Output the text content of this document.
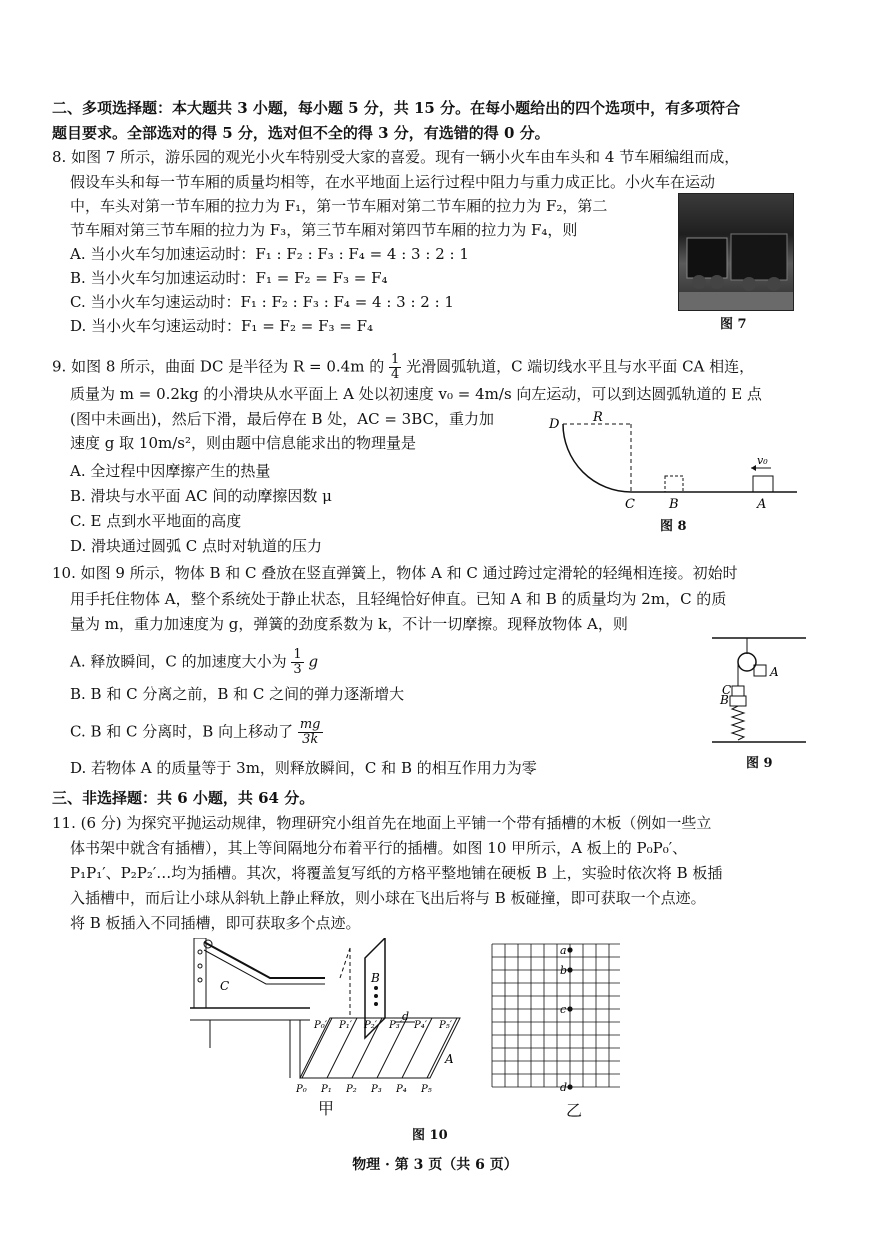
二、多项选择题：本大题共 3 小题，每小题 5 分，共 15 分。在每小题给出的四个选项中，有多项符合
题目要求。全部选对的得 5 分，选对但不全的得 3 分，有选错的得 0 分。
8. 如图 7 所示，游乐园的观光小火车特别受大家的喜爱。现有一辆小火车由车头和 4 节车厢编组而成，
假设车头和每一节车厢的质量均相等，在水平地面上运行过程中阻力与重力成正比。小火车在运动
中，车头对第一节车厢的拉力为 F₁，第一节车厢对第二节车厢的拉力为 F₂，第二
节车厢对第三节车厢的拉力为 F₃，第三节车厢对第四节车厢的拉力为 F₄，则
A. 当小火车匀加速运动时：F₁ : F₂ : F₃ : F₄ = 4 : 3 : 2 : 1
B. 当小火车匀加速运动时：F₁ = F₂ = F₃ = F₄
C. 当小火车匀速运动时：F₁ : F₂ : F₃ : F₄ = 4 : 3 : 2 : 1
D. 当小火车匀速运动时：F₁ = F₂ = F₃ = F₄	图 7
9. 如图 8 所示，曲面 DC 是半径为 R = 0.4m 的 $\frac{1}{4}$ 光滑圆弧轨道，C 端切线水平且与水平面 CA 相连，
质量为 m = 0.2kg 的小滑块从水平面上 A 处以初速度 v₀ = 4m/s 向左运动，可以到达圆弧轨道的 E 点
(图中未画出)，然后下滑，最后停在 B 处，AC = 3BC，重力加
速度 g 取 10m/s²，则由题中信息能求出的物理量是
A. 全过程中因摩擦产生的热量
B. 滑块与水平面 AC 间的动摩擦因数 μ
C. E 点到水平地面的高度
D. 滑块通过圆弧 C 点时对轨道的压力
D	R
C	B	A
v₀
图 8
10. 如图 9 所示，物体 B 和 C 叠放在竖直弹簧上，物体 A 和 C 通过跨过定滑轮的轻绳相连接。初始时
用手托住物体 A，整个系统处于静止状态，且轻绳恰好伸直。已知 A 和 B 的质量均为 2m，C 的质
量为 m，重力加速度为 g，弹簧的劲度系数为 k，不计一切摩擦。现释放物体 A，则
A. 释放瞬间，C 的加速度大小为 $\frac{1}{3}$ g
B. B 和 C 分离之前，B 和 C 之间的弹力逐渐增大
C. B 和 C 分离时，B 向上移动了 $\frac{mg}{3k}$
D. 若物体 A 的质量等于 3m，则释放瞬间，C 和 B 的相互作用力为零
A
C
B
图 9
三、非选择题：共 6 小题，共 64 分。
11. (6 分) 为探究平抛运动规律，物理研究小组首先在地面上平铺一个带有插槽的木板（例如一些立
体书架中就含有插槽），其上等间隔地分布着平行的插槽。如图 10 甲所示，A 板上的 P₀P₀′、
P₁P₁′、P₂P₂′…均为插槽。其次，将覆盖复写纸的方格平整地铺在硬板 B 上，实验时依次将 B 板插
入插槽中，而后让小球从斜轨上静止释放，则小球在飞出后将与 B 板碰撞，即可获取一个点迹。
将 B 板插入不同插槽，即可获取多个点迹。
C
B
A
d
P₀′ P₁′ P₂′ P₃′ P₄′ P₅′
P₀ P₁ P₂ P₃ P₄ P₅
甲
a
b
c
d
乙
图 10
物理 · 第 3 页（共 6 页）
